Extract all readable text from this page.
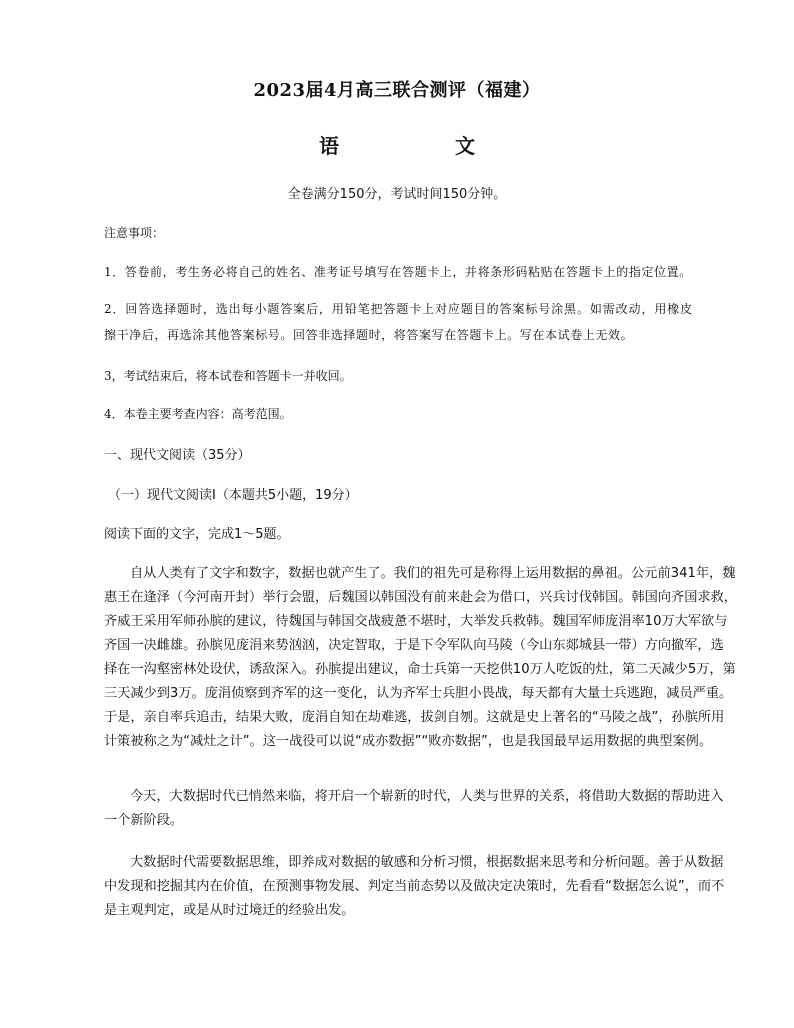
2023届4月高三联合测评（福建）
语　文
全卷满分150分，考试时间150分钟。
注意事项：
1．答卷前，考生务必将自己的姓名、准考证号填写在答题卡上，并将条形码粘贴在答题卡上的指定位置。
2．回答选择题时，选出每小题答案后，用铅笔把答题卡上对应题目的答案标号涂黑。如需改动，用橡皮
擦干净后，再选涂其他答案标号。回答非选择题时，将答案写在答题卡上。写在本试卷上无效。
3，考试结束后，将本试卷和答题卡一并收回。
4．本卷主要考查内容：高考范围。
一、现代文阅读（35分）
（一）现代文阅读I（本题共5小题，19分）
阅读下面的文字，完成1～5题。
自从人类有了文字和数字，数据也就产生了。我们的祖先可是称得上运用数据的鼻祖。公元前341年，魏
惠王在逢泽（今河南开封）举行会盟，后魏国以韩国没有前来赴会为借口，兴兵讨伐韩国。韩国向齐国求救，
齐威王采用军师孙膑的建议，待魏国与韩国交战疲惫不堪时，大举发兵救韩。魏国军师庞涓率10万大军欲与
齐国一决雌雄。孙膑见庞涓来势汹汹，决定智取，于是下令军队向马陵（今山东郯城县一带）方向撤军，选
择在一沟壑密林处设伏，诱敌深入。孙膑提出建议，命士兵第一天挖供10万人吃饭的灶，第二天减少5万，第
三天减少到3万。庞涓侦察到齐军的这一变化，认为齐军士兵胆小畏战，每天都有大量士兵逃跑，减员严重。
于是，亲自率兵追击，结果大败，庞涓自知在劫难逃，拔剑自刎。这就是史上著名的“马陵之战”，孙膑所用
计策被称之为“减灶之计”。这一战役可以说“成亦数据”“败亦数据”，也是我国最早运用数据的典型案例。
今天，大数据时代已悄然来临，将开启一个崭新的时代，人类与世界的关系，将借助大数据的帮助进入
一个新阶段。
大数据时代需要数据思维，即养成对数据的敏感和分析习惯，根据数据来思考和分析问题。善于从数据
中发现和挖掘其内在价值，在预测事物发展、判定当前态势以及做决定决策时，先看看“数据怎么说”，而不
是主观判定，或是从时过境迁的经验出发。
